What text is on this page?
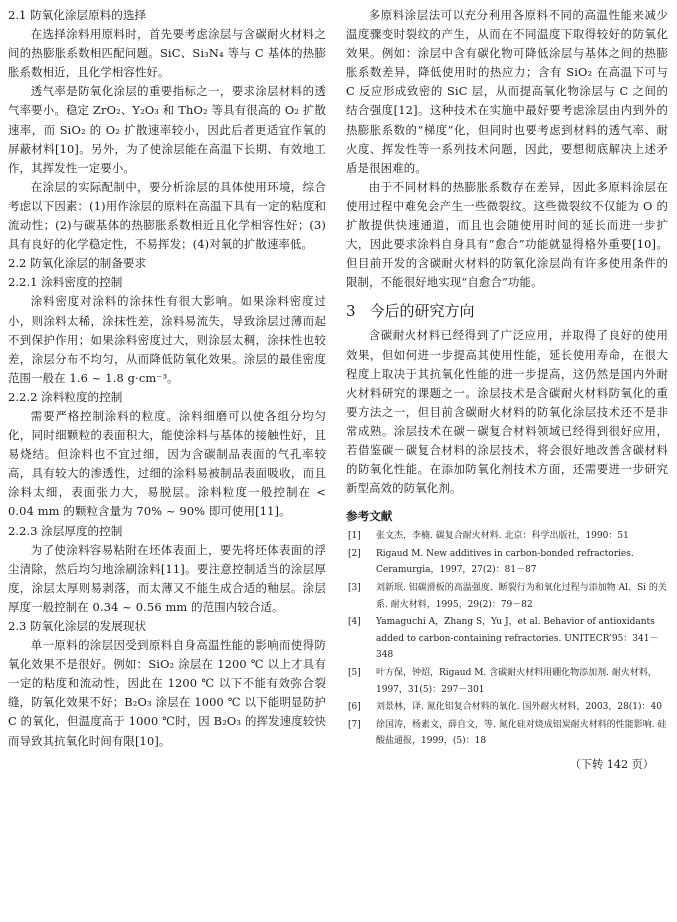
2.1 防氧化涂层原料的选择

在选择涂料用原料时，首先要考虑涂层与含碳耐火材料之间的热膨胀系数相匹配问题。SiC、Si₃N₄ 等与 C 基体的热膨胀系数相近，且化学相容性好。

透气率是防氧化涂层的重要指标之一，要求涂层材料的透气率要小。稳定 ZrO₂、Y₂O₃ 和 ThO₂ 等具有很高的 O₂ 扩散速率，而 SiO₂ 的 O₂ 扩散速率较小，因此后者更适宜作氧的屏蔽材料[10]。另外，为了使涂层能在高温下长期、有效地工作，其挥发性一定要小。

在涂层的实际配制中，要分析涂层的具体使用环境，综合考虑以下因素：(1)用作涂层的原料在高温下具有一定的粘度和流动性；(2)与碳基体的热膨胀系数相近且化学相容性好；(3)具有良好的化学稳定性，不易挥发；(4)对氧的扩散速率低。

2.2 防氧化涂层的制备要求
2.2.1 涂料密度的控制

涂料密度对涂料的涂抹性有很大影响。如果涂料密度过小，则涂料太稀，涂抹性差，涂料易流失，导致涂层过薄而起不到保护作用；如果涂料密度过大，则涂层太稠，涂抹性也较差，涂层分布不均匀，从而降低防氧化效果。涂层的最佳密度范围一般在 1.6 ~ 1.8 g·cm⁻³。

2.2.2 涂料粒度的控制

需要严格控制涂料的粒度。涂料细磨可以使各组分均匀化，同时细颗粒的表面积大，能使涂料与基体的接触性好，且易烧结。但涂料也不宜过细，因为含碳制品表面的气孔率较高，具有较大的渗透性，过细的涂料易被制品表面吸收，而且涂料太细，表面张力大，易脱层。涂料粒度一般控制在 < 0.04 mm 的颗粒含量为 70% ~ 90% 即可使用[11]。

2.2.3 涂层厚度的控制

为了使涂料容易粘附在坯体表面上，要先将坯体表面的浮尘清除，然后均匀地涂刷涂料[11]。要注意控制适当的涂层厚度，涂层太厚则易剥落，而太薄又不能生成合适的釉层。涂层厚度一般控制在 0.34 ~ 0.56 mm 的范围内较合适。

2.3 防氧化涂层的发展现状

单一原料的涂层因受到原料自身高温性能的影响而使得防氧化效果不是很好。例如：SiO₂ 涂层在 1200 ℃ 以上才具有一定的粘度和流动性，因此在 1200 ℃ 以下不能有效弥合裂缝，防氧化效果不好；B₂O₃ 涂层在 1000 ℃ 以下能明显防护 C 的氧化，但温度高于 1000 ℃时，因 B₂O₃ 的挥发速度较快而导致其抗氧化时间有限[10]。

多原料涂层法可以充分利用各原料不同的高温性能来减少温度骤变时裂纹的产生，从而在不同温度下取得较好的防氧化效果。例如：涂层中含有碳化物可降低涂层与基体之间的热膨胀系数差异，降低使用时的热应力；含有 SiO₂ 在高温下可与 C 反应形成致密的 SiC 层，从而提高氧化物涂层与 C 之间的结合强度[12]。这种技术在实施中最好要考虑涂层由内到外的热膨胀系数的“梯度”化，但同时也要考虑到材料的透气率、耐火度、挥发性等一系列技术问题，因此，要想彻底解决上述矛盾是很困难的。

由于不同材料的热膨胀系数存在差异，因此多原料涂层在使用过程中难免会产生一些微裂纹。这些微裂纹不仅能为 O 的扩散提供快速通道，而且也会随使用时间的延长而进一步扩大，因此要求涂料自身具有“愈合”功能就显得格外重要[10]。但目前开发的含碳耐火材料的防氧化涂层尚有许多使用条件的限制，不能很好地实现“自愈合”功能。

3 今后的研究方向

含碳耐火材料已经得到了广泛应用，并取得了良好的使用效果，但如何进一步提高其使用性能，延长使用寿命，在很大程度上取决于其抗氧化性能的进一步提高，这仍然是国内外耐火材料研究的课题之一。涂层技术是含碳耐火材料防氧化的重要方法之一，但目前含碳耐火材料的防氧化涂层技术还不是非常成熟。涂层技术在碳－碳复合材料领域已经得到很好应用，若借鉴碳－碳复合材料的涂层技术，将会很好地改善含碳材料的防氧化性能。在添加防氧化剂技术方面，还需要进一步研究新型高效的防氧化剂。

参考文献
[1] 张文杰，李楠. 碳复合耐火材料. 北京：科学出版社，1990：51
[2] Rigaud M. New additives in carbon-bonded refractories. Ceramurgia，1997，27(2)：81－87
[3] 刘新珉. 铝碳滑板的高温强度、断裂行为和氧化过程与添加物 Al、Si 的关系. 耐火材料，1995，29(2)：79－82
[4] Yamaguchi A，Zhang S，Yu J，et al. Behavior of antioxidants added to carbon-containing refractories. UNITECR’95：341－348
[5] 叶方保，钟炤，Rigaud M. 含碳耐火材料用硼化物添加剂. 耐火材料，1997，31(5)：297－301
[6] 刘景林，译. 氮化铝复合材料的氧化. 国外耐火材料，2003，28(1)：40
[7] 徐国涛，杨素文，薛自文，等. 氮化硅对烧成铝炭耐火材料的性能影响. 硅酸盐通报，1999，(5)：18
（下转 142 页）
